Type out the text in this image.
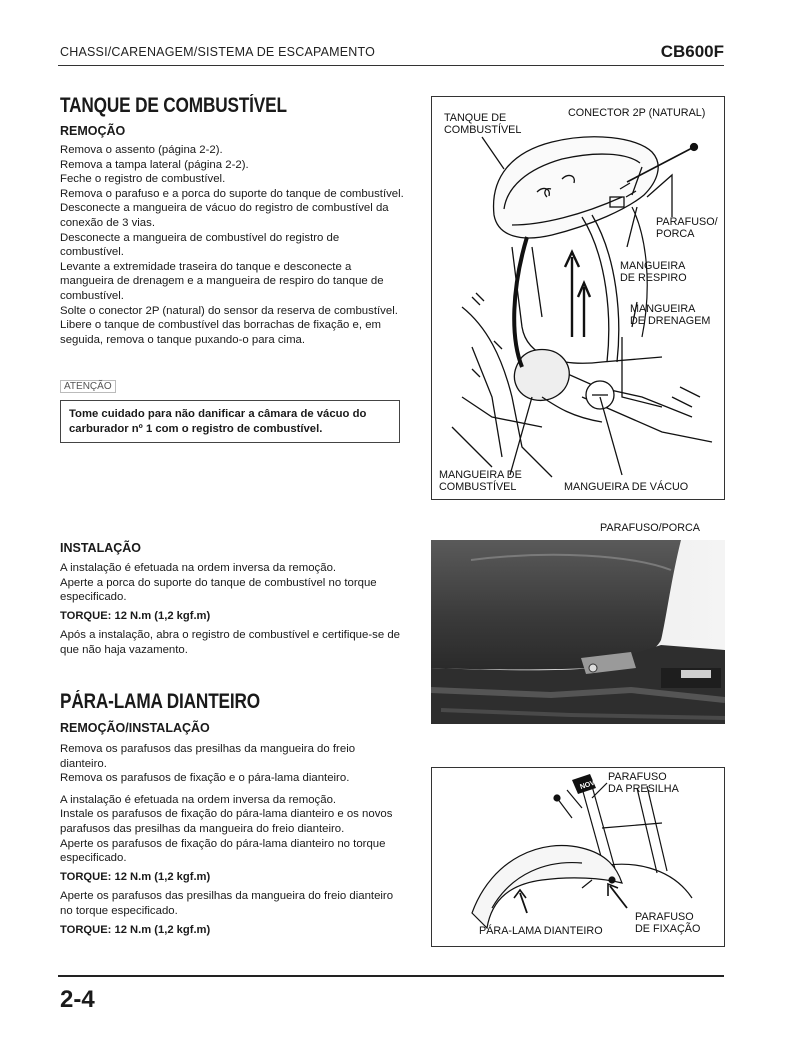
CHASSI/CARENAGEM/SISTEMA DE ESCAPAMENTO	CB600F
TANQUE DE COMBUSTÍVEL
REMOÇÃO

Remova o assento (página 2-2).

Remova a tampa lateral (página 2-2).

Feche o registro de combustível.

Remova o parafuso e a porca do suporte do tanque de combustível.

Desconecte a mangueira de vácuo do registro de combustível da conexão de 3 vias.

Desconecte a mangueira de combustível do registro de combustível.

Levante a extremidade traseira do tanque e desconecte a mangueira de drenagem e a mangueira de respiro do tanque de combustível.

Solte o conector 2P (natural) do sensor da reserva de combustível.

Libere o tanque de combustível das borrachas de fixação e, em seguida, remova o tanque puxando-o para cima.

ATENÇÃO
Tome cuidado para não danificar a câmara de vácuo do carburador nº 1 com o registro de combustível.
INSTALAÇÃO

A instalação é efetuada na ordem inversa da remoção.

Aperte a porca do suporte do tanque de combustível no torque especificado.

TORQUE: 12 N.m (1,2 kgf.m)

Após a instalação, abra o registro de combustível e certifique-se de que não haja vazamento.

PÁRA-LAMA DIANTEIRO
REMOÇÃO/INSTALAÇÃO

Remova os parafusos das presilhas da mangueira do freio dianteiro.

Remova os parafusos de fixação e o pára-lama dianteiro.

A instalação é efetuada na ordem inversa da remoção.

Instale os parafusos de fixação do pára-lama dianteiro e os novos parafusos das presilhas da mangueira do freio dianteiro.

Aperte os parafusos de fixação do pára-lama dianteiro no torque especificado.

TORQUE: 12 N.m (1,2 kgf.m)

Aperte os parafusos das presilhas da mangueira do freio dianteiro no torque especificado.

TORQUE: 12 N.m (1,2 kgf.m)

TANQUE DE
COMBUSTÍVEL
CONECTOR 2P (NATURAL)
PARAFUSO/
PORCA
MANGUEIRA
DE RESPIRO
MANGUEIRA
DE DRENAGEM
MANGUEIRA DE
COMBUSTÍVEL	MANGUEIRA DE VÁCUO
PARAFUSO/PORCA
NOVO
PARAFUSO
DA PRESILHA
PÁRA-LAMA DIANTEIRO
PARAFUSO
DE FIXAÇÃO
2-4
